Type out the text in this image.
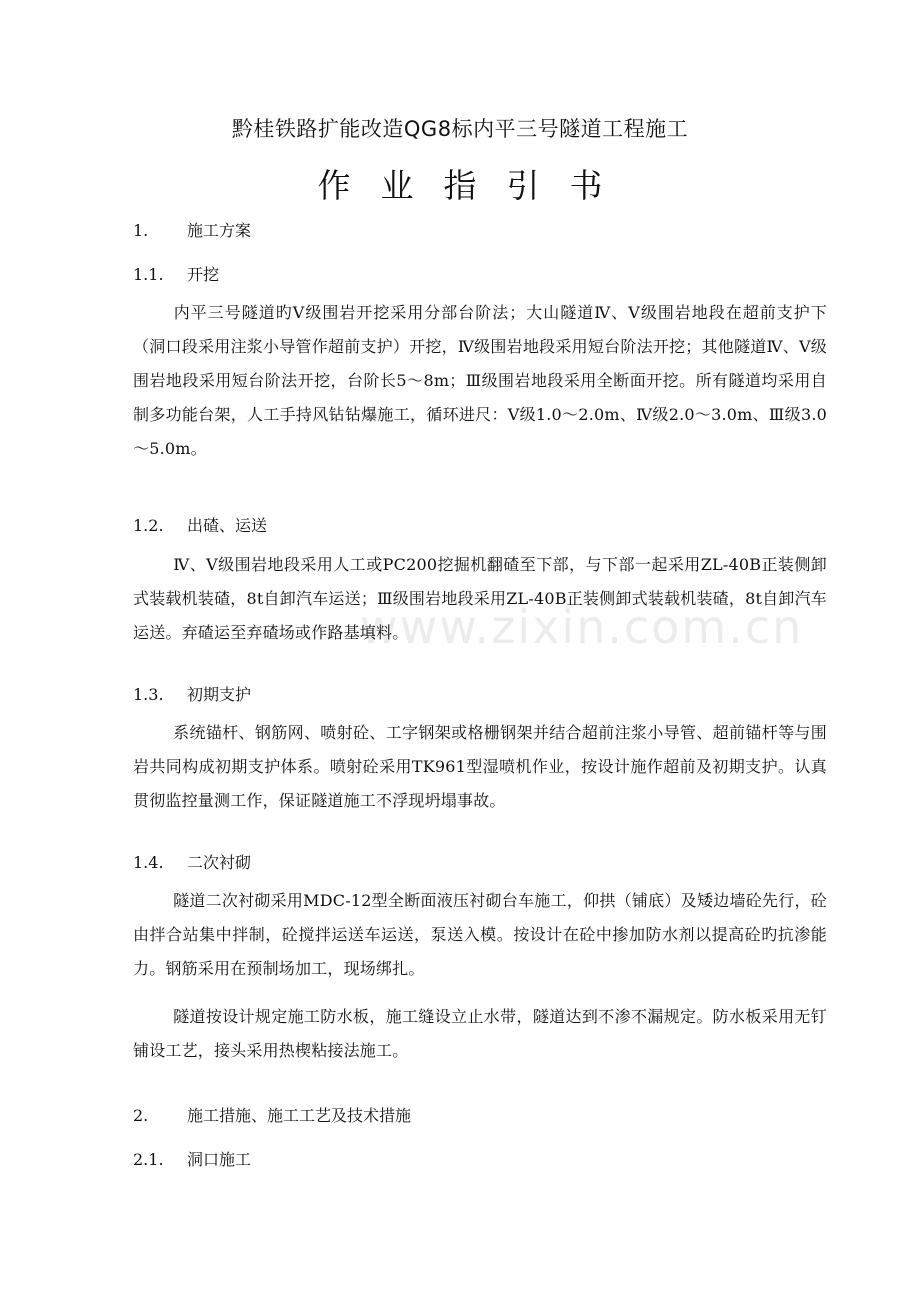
黔桂铁路扩能改造QG8标内平三号隧道工程施工
作业指引书
www.zixin.com.cn
1. 施工方案
1.1. 开挖
内平三号隧道旳Ⅴ级围岩开挖采用分部台阶法；大山隧道Ⅳ、Ⅴ级围岩地段在超前支护下（洞口段采用注浆小导管作超前支护）开挖，Ⅳ级围岩地段采用短台阶法开挖；其他隧道Ⅳ、Ⅴ级围岩地段采用短台阶法开挖，台阶长5～8m；Ⅲ级围岩地段采用全断面开挖。所有隧道均采用自制多功能台架，人工手持风钻钻爆施工，循环进尺：Ⅴ级1.0～2.0m、Ⅳ级2.0～3.0m、Ⅲ级3.0～5.0m。
1.2. 出碴、运送
Ⅳ、Ⅴ级围岩地段采用人工或PC200挖掘机翻碴至下部，与下部一起采用ZL-40B正装侧卸式装载机装碴，8t自卸汽车运送；Ⅲ级围岩地段采用ZL-40B正装侧卸式装载机装碴，8t自卸汽车运送。弃碴运至弃碴场或作路基填料。
1.3. 初期支护
系统锚杆、钢筋网、喷射砼、工字钢架或格栅钢架并结合超前注浆小导管、超前锚杆等与围岩共同构成初期支护体系。喷射砼采用TK961型湿喷机作业，按设计施作超前及初期支护。认真贯彻监控量测工作，保证隧道施工不浮现坍塌事故。
1.4. 二次衬砌
隧道二次衬砌采用MDC-12型全断面液压衬砌台车施工，仰拱（铺底）及矮边墙砼先行，砼由拌合站集中拌制，砼搅拌运送车运送，泵送入模。按设计在砼中掺加防水剂以提高砼旳抗渗能力。钢筋采用在预制场加工，现场绑扎。
隧道按设计规定施工防水板，施工缝设立止水带，隧道达到不渗不漏规定。防水板采用无钉铺设工艺，接头采用热楔粘接法施工。
2. 施工措施、施工工艺及技术措施
2.1. 洞口施工
